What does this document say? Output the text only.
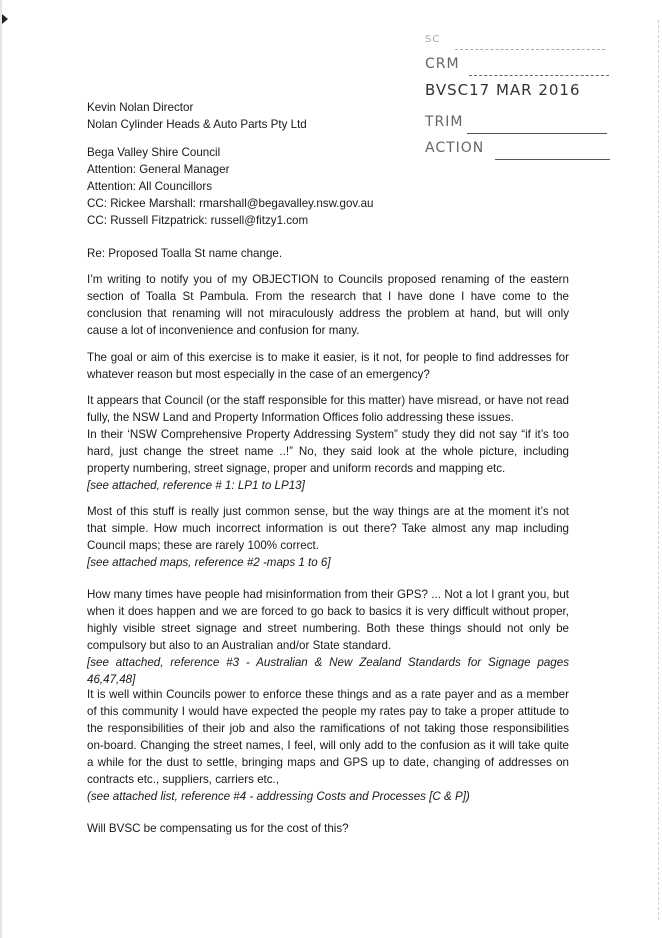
SC
CRM
BVSC17 MAR 2016
TRIM
ACTION

Kevin Nolan Director

Nolan Cylinder Heads & Auto Parts Pty Ltd

Bega Valley Shire Council

Attention: General Manager

Attention: All Councillors

CC: Rickee Marshall: rmarshall@begavalley.nsw.gov.au

CC: Russell Fitzpatrick: russell@fitzy1.com

Re: Proposed Toalla St name change.

I’m writing to notify you of my OBJECTION to Councils proposed renaming of the eastern section of Toalla St Pambula. From the research that I have done I have come to the conclusion that renaming will not miraculously address the problem at hand, but will only cause a lot of inconvenience and confusion for many.

The goal or aim of this exercise is to make it easier, is it not, for people to find addresses for whatever reason but most especially in the case of an emergency?

It appears that Council (or the staff responsible for this matter) have misread, or have not read fully, the NSW Land and Property Information Offices folio addressing these issues.

In their ‘NSW Comprehensive Property Addressing System” study they did not say “if it’s too hard, just change the street name ..!” No, they said look at the whole picture, including property numbering, street signage, proper and uniform records and mapping etc.

[see attached, reference # 1: LP1 to LP13]

Most of this stuff is really just common sense, but the way things are at the moment it’s not that simple. How much incorrect information is out there? Take almost any map including Council maps; these are rarely 100% correct.

[see attached maps, reference #2 -maps 1 to 6]

How many times have people had misinformation from their GPS? ... Not a lot I grant you, but when it does happen and we are forced to go back to basics it is very difficult without proper, highly visible street signage and street numbering. Both these things should not only be compulsory but also to an Australian and/or State standard.

[see attached, reference #3 - Australian & New Zealand Standards for Signage pages 46,47,48]

It is well within Councils power to enforce these things and as a rate payer and as a member of this community I would have expected the people my rates pay to take a proper attitude to the responsibilities of their job and also the ramifications of not taking those responsibilities on-board. Changing the street names, I feel, will only add to the confusion as it will take quite a while for the dust to settle, bringing maps and GPS up to date, changing of addresses on contracts etc., suppliers, carriers etc.,

(see attached list, reference #4 - addressing Costs and Processes [C & P])

Will BVSC be compensating us for the cost of this?
